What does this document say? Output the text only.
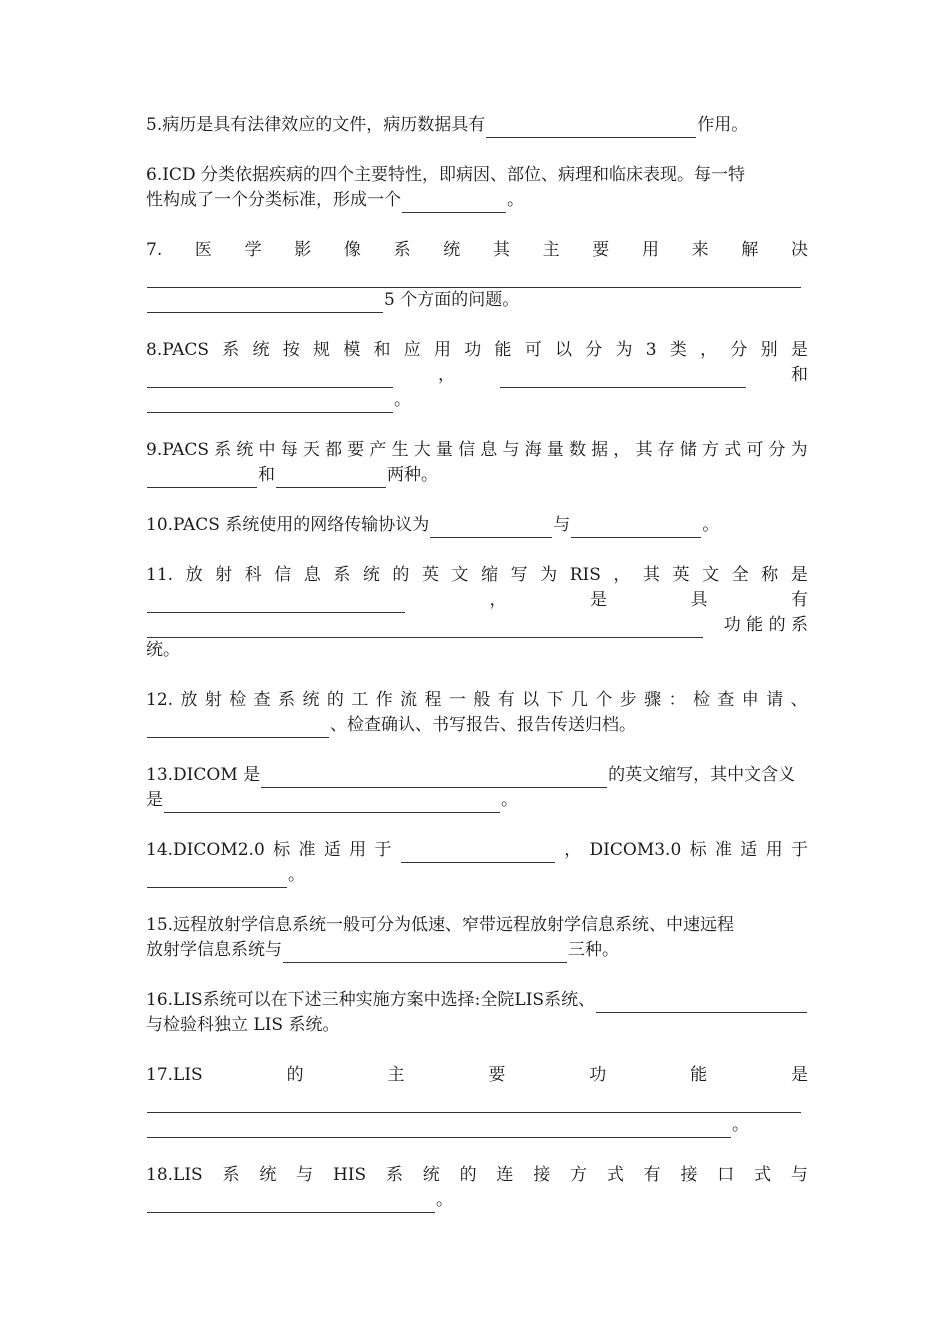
5.病历是具有法律效应的文件，病历数据具有	作用。
6.ICD 分类依据疾病的四个主要特性，即病因、部位、病理和临床表现。每一特
性构成了一个分类标准，形成一个	。
7. 医 学 影 像 系 统 其 主 要 用 来 解 决
5 个方面的问题。
8.PACS 系 统 按 规 模 和 应 用 功 能 可 以 分 为 3 类 ， 分 别 是
，	和
。
9.PACS 系 统 中 每 天 都 要 产 生 大 量 信 息 与 海 量 数 据 ， 其 存 储 方 式 可 分 为
和	两种。
10.PACS 系统使用的网络传输协议为	与	。
11. 放 射 科 信 息 系 统 的 英 文 缩 写 为 RIS ， 其 英 文 全 称 是
，	是	具	有
功 能 的 系
统。
12. 放 射 检 查 系 统 的 工 作 流 程 一 般 有 以 下 几 个 步 骤 ： 检 查 申 请 、
、检查确认、书写报告、报告传送归档。
13.DICOM 是	的英文缩写，其中文含义
是	。
14.DICOM2.0 标 准 适 用 于	， DICOM3.0 标 准 适 用 于
。
15.远程放射学信息系统一般可分为低速、窄带远程放射学信息系统、中速远程
放射学信息系统与	三种。
16.LIS系统可以在下述三种实施方案中选择:全院LIS系统、
与检验科独立 LIS 系统。
17.LIS	的	主	要	功	能	是
。
18.LIS 系 统 与 HIS 系 统 的 连 接 方 式 有 接 口 式 与
。
